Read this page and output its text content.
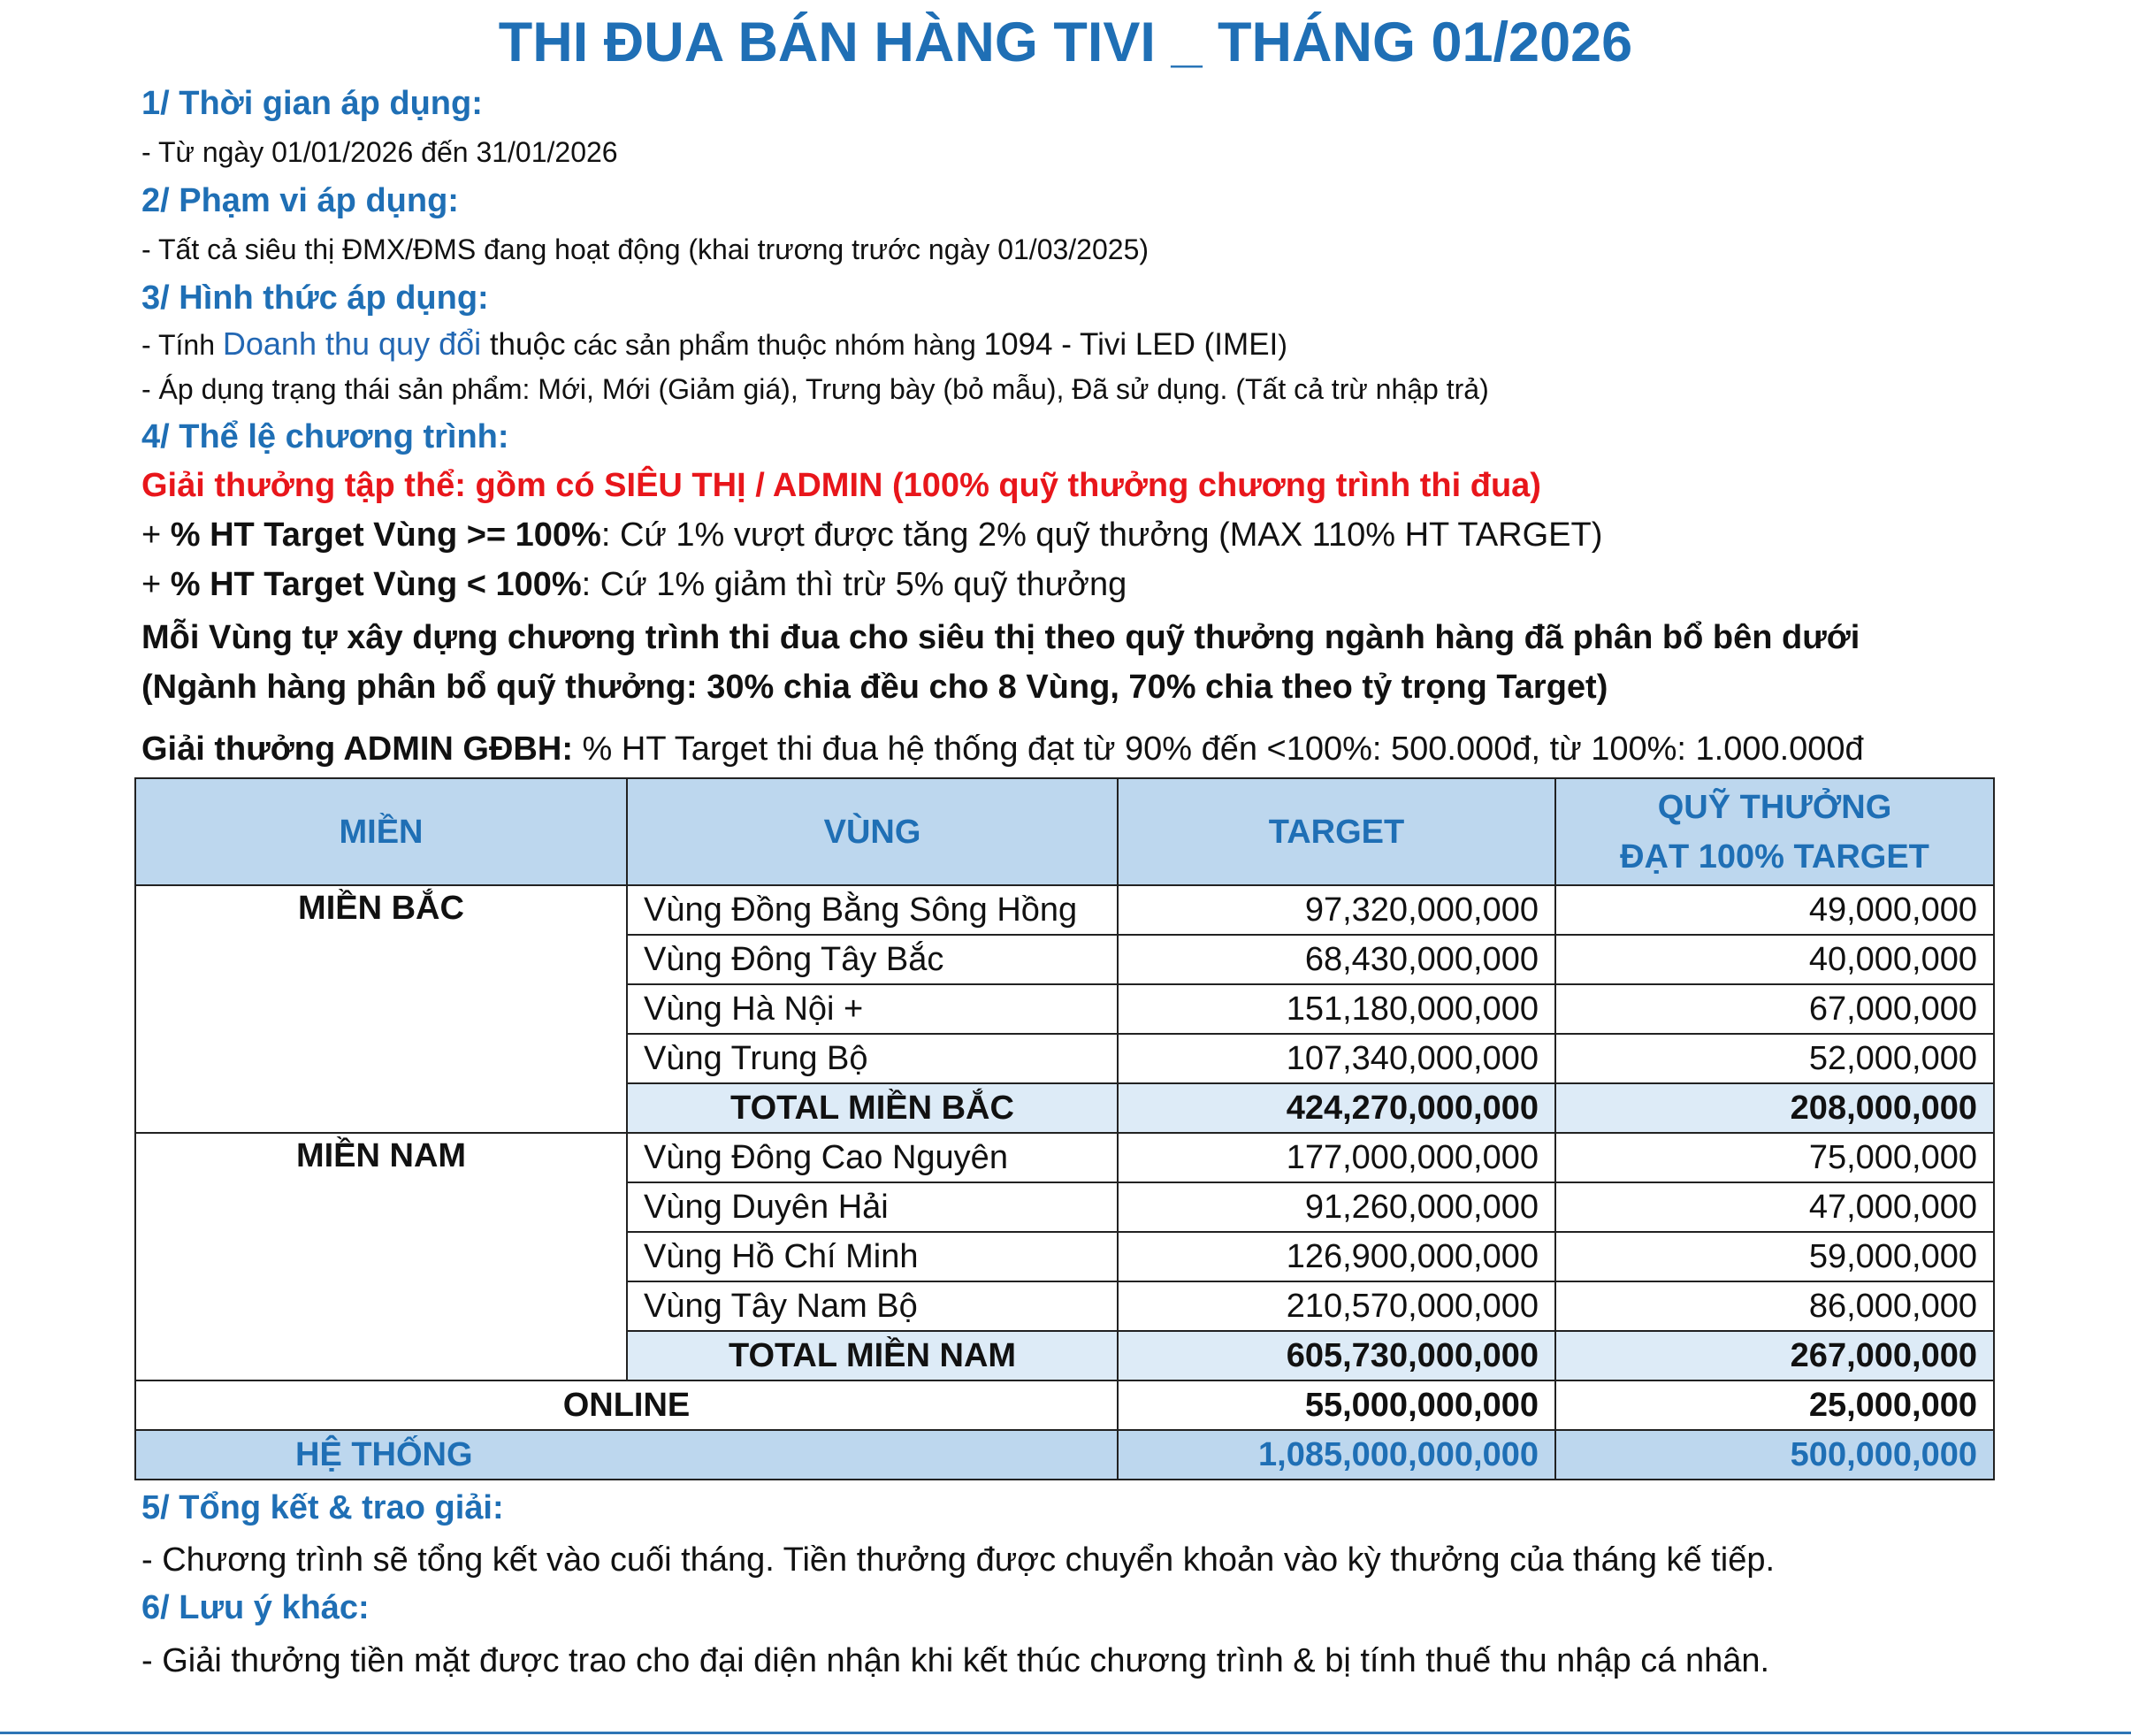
THI ĐUA BÁN HÀNG TIVI _ THÁNG 01/2026
1/ Thời gian áp dụng:
- Từ ngày 01/01/2026 đến 31/01/2026
2/ Phạm vi áp dụng:
- Tất cả siêu thị ĐMX/ĐMS đang hoạt động (khai trương trước ngày 01/03/2025)
3/ Hình thức áp dụng:
- Tính Doanh thu quy đổi thuộc các sản phẩm thuộc nhóm hàng 1094 - Tivi LED (IMEI)
- Áp dụng trạng thái sản phẩm: Mới, Mới (Giảm giá), Trưng bày (bỏ mẫu), Đã sử dụng. (Tất cả trừ nhập trả)
4/ Thể lệ chương trình:
Giải thưởng tập thể: gồm có SIÊU THỊ / ADMIN (100% quỹ thưởng chương trình thi đua)
+ % HT Target Vùng >= 100%: Cứ 1% vượt được tăng 2% quỹ thưởng (MAX 110% HT TARGET)
+ % HT Target Vùng < 100%: Cứ 1% giảm thì trừ 5% quỹ thưởng
Mỗi Vùng tự xây dựng chương trình thi đua cho siêu thị theo quỹ thưởng ngành hàng đã phân bổ bên dưới
(Ngành hàng phân bổ quỹ thưởng: 30% chia đều cho 8 Vùng, 70% chia theo tỷ trọng Target)
Giải thưởng ADMIN GĐBH: % HT Target thi đua hệ thống đạt từ 90% đến <100%: 500.000đ, từ 100%: 1.000.000đ
MIỀN	VÙNG	TARGET	QUỸ THƯỞNG
ĐẠT 100% TARGET
MIỀN BẮC	Vùng Đồng Bằng Sông Hồng	97,320,000,000	49,000,000
	Vùng Đông Tây Bắc	68,430,000,000	40,000,000
	Vùng Hà Nội +	151,180,000,000	67,000,000
	Vùng Trung Bộ	107,340,000,000	52,000,000
	TOTAL MIỀN BẮC	424,270,000,000	208,000,000
MIỀN NAM	Vùng Đông Cao Nguyên	177,000,000,000	75,000,000
	Vùng Duyên Hải	91,260,000,000	47,000,000
	Vùng Hồ Chí Minh	126,900,000,000	59,000,000
	Vùng Tây Nam Bộ	210,570,000,000	86,000,000
	TOTAL MIỀN NAM	605,730,000,000	267,000,000
ONLINE		55,000,000,000	25,000,000
HỆ THỐNG		1,085,000,000,000	500,000,000
5/ Tổng kết & trao giải:
- Chương trình sẽ tổng kết vào cuối tháng. Tiền thưởng được chuyển khoản vào kỳ thưởng của tháng kế tiếp.
6/ Lưu ý khác:
- Giải thưởng tiền mặt được trao cho đại diện nhận khi kết thúc chương trình & bị tính thuế thu nhập cá nhân.
